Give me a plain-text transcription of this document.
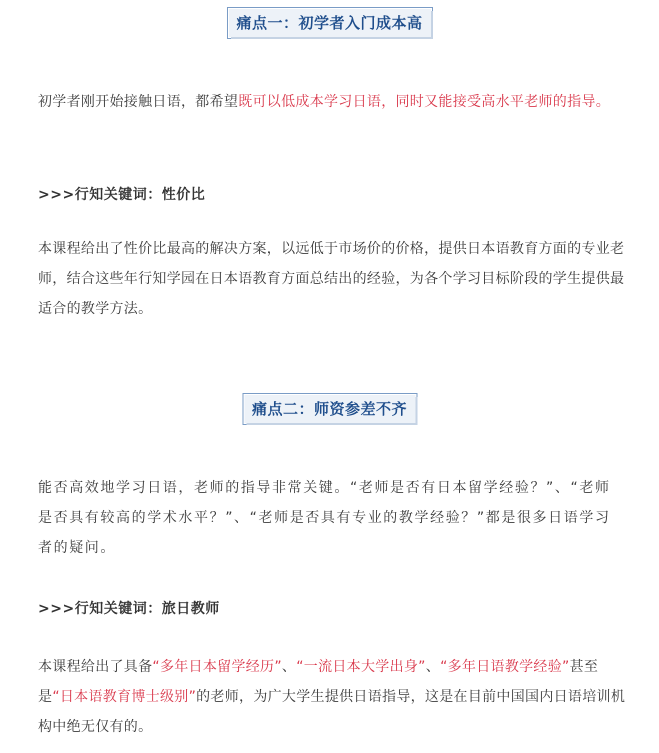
痛点一：初学者入门成本高

初学者刚开始接触日语，都希望既可以低成本学习日语，同时又能接受高水平老师的指导。

>>>行知关键词：性价比

本课程给出了性价比最高的解决方案，以远低于市场价的价格，提供日本语教育方面的专业老师，结合这些年行知学园在日本语教育方面总结出的经验，为各个学习目标阶段的学生提供最适合的教学方法。

痛点二：师资参差不齐

能否高效地学习日语，老师的指导非常关键。“老师是否有日本留学经验？”、“老师是否具有较高的学术水平？”、“老师是否具有专业的教学经验？”都是很多日语学习者的疑问。

>>>行知关键词：旅日教师

本课程给出了具备“多年日本留学经历”、“一流日本大学出身”、“多年日语教学经验”甚至是“日本语教育博士级别”的老师，为广大学生提供日语指导，这是在目前中国国内日语培训机构中绝无仅有的。
